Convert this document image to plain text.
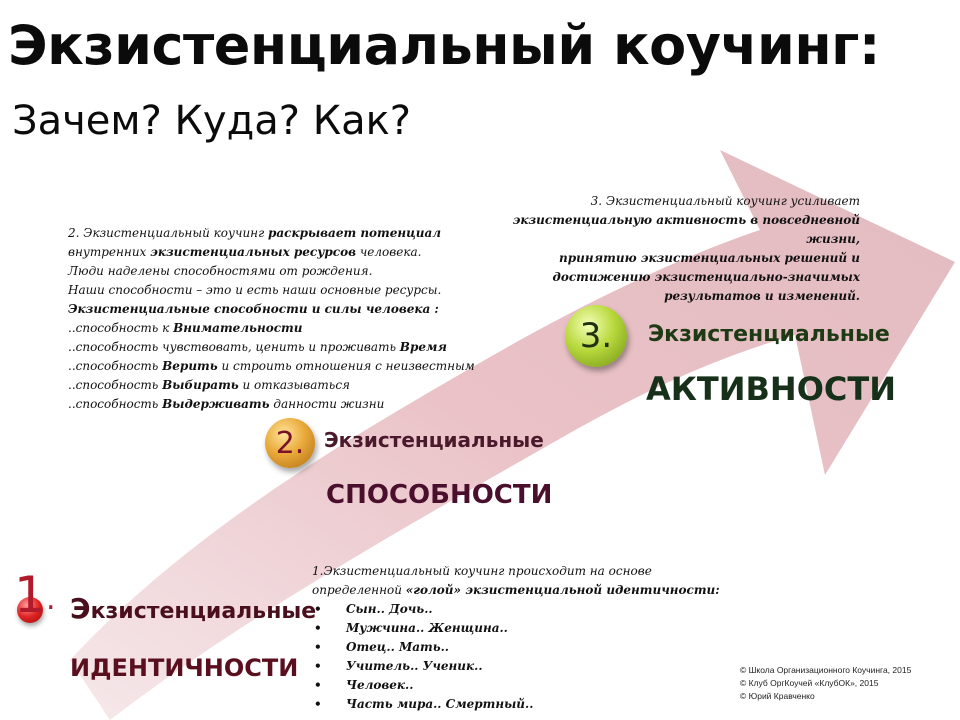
Экзистенциальный коучинг:
Зачем? Куда? Как?
3. Экзистенциальный коучинг усиливает
экзистенциальную активность в повседневной
жизни,
принятию экзистенциальных решений и
достижению экзистенциально-значимых
результатов и изменений.
3. Экзистенциальные
АКТИВНОСТИ
2. Экзистенциальный коучинг раскрывает потенциал
внутренних экзистенциальных ресурсов человека.
Люди наделены способностями от рождения.
Наши способности – это и есть наши основные ресурсы.
Экзистенциальные способности и силы человека :
..способность к Внимательности
..способность чувствовать, ценить и проживать Время
..способность Верить и строить отношения с неизвестным
..способность Выбирать и отказываться
..способность Выдерживать данности жизни
2. Экзистенциальные
СПОСОБНОСТИ
1.Экзистенциальный коучинг происходит на основе
определенной «голой» экзистенциальной идентичности:
• Сын.. Дочь..
• Мужчина.. Женщина..
• Отец.. Мать..
• Учитель.. Ученик..
• Человек..
• Часть мира.. Смертный..
1 . Экзистенциальные
ИДЕНТИЧНОСТИ	© Школа Организационного Коучинга, 2015
© Клуб ОргКоучей «КлубОК», 2015
© Юрий Кравченко
